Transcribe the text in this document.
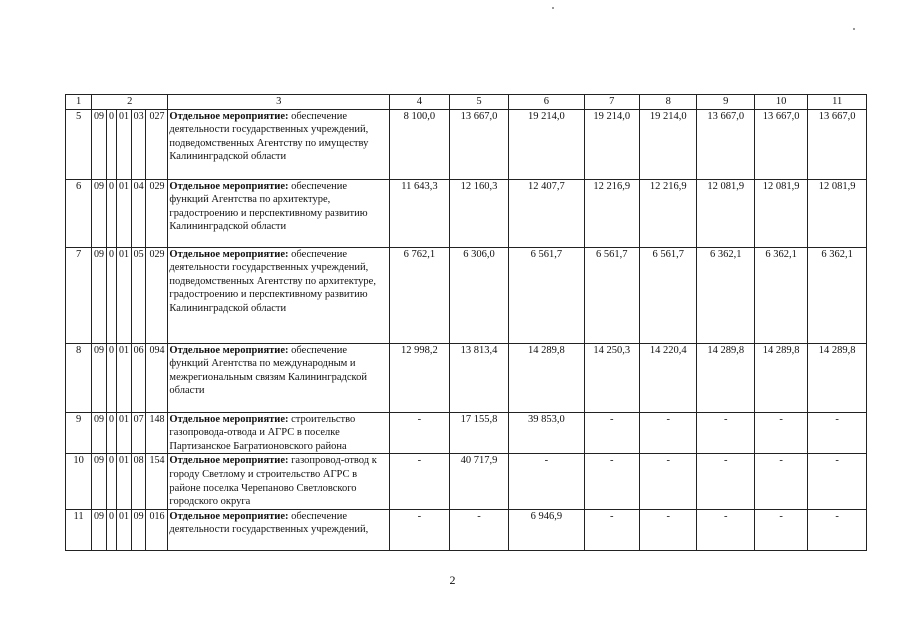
1	2					3	4	5	6	7	8	9	10	11
5	09	0	01	03	027	Отдельное мероприятие: обеспечение деятельности государственных учреждений, подведомственных Агентству по имуществу Калининградской области	8 100,0	13 667,0	19 214,0	19 214,0	19 214,0	13 667,0	13 667,0	13 667,0
6	09	0	01	04	029	Отдельное мероприятие: обеспечение функций Агентства по архитектуре, градостроению и перспективному развитию Калининградской области	11 643,3	12 160,3	12 407,7	12 216,9	12 216,9	12 081,9	12 081,9	12 081,9
7	09	0	01	05	029	Отдельное мероприятие: обеспечение деятельности государственных учреждений, подведомственных Агентству по архитектуре, градостроению и перспективному развитию Калининградской области	6 762,1	6 306,0	6 561,7	6 561,7	6 561,7	6 362,1	6 362,1	6 362,1
8	09	0	01	06	094	Отдельное мероприятие: обеспечение функций Агентства по международным и межрегиональным связям Калининградской области	12 998,2	13 813,4	14 289,8	14 250,3	14 220,4	14 289,8	14 289,8	14 289,8
9	09	0	01	07	148	Отдельное мероприятие: строительство газопровода-отвода и АГРС в поселке Партизанское Багратионовского района	-	17 155,8	39 853,0	-	-	-	-	-
10	09	0	01	08	154	Отдельное мероприятие: газопровод-отвод к городу Светлому и строительство АГРС в районе поселка Черепаново Светловского городского округа	-	40 717,9	-	-	-	-	-	-
11	09	0	01	09	016	Отдельное мероприятие: обеспечение деятельности государственных учреждений,	-	-	6 946,9	-	-	-	-	-
2
